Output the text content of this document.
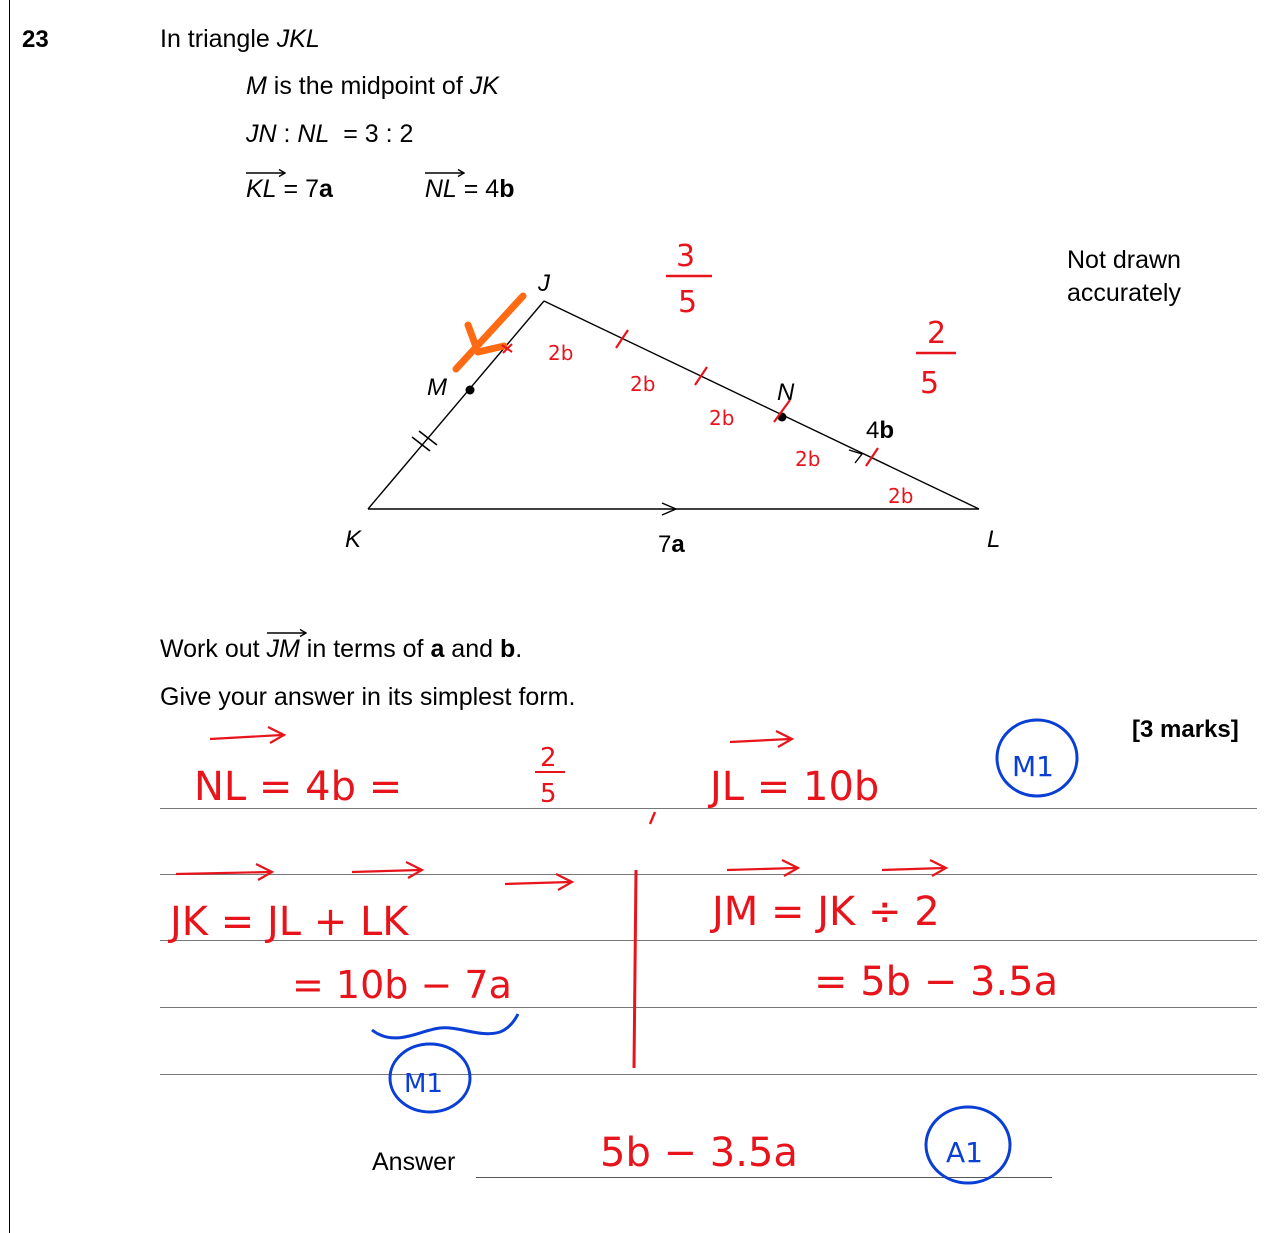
23	In triangle JKL
M is the midpoint of JK
JN : NL  = 3 : 2
KL = 7a	NL = 4b
Not drawn accurately
Work out
JM in terms of a and b.
Give your answer in its simplest form.
[3 marks]
Answer
J
K	L
M	N
4b
7a
3
5
2
5
2b
2b
2b
2b
2b
NL = 4b =
2
5	JL = 10b	M1
JK = JL + LK
= 10b − 7a
M1
JM = JK ÷ 2
= 5b − 3.5a
5b − 3.5a	A1
